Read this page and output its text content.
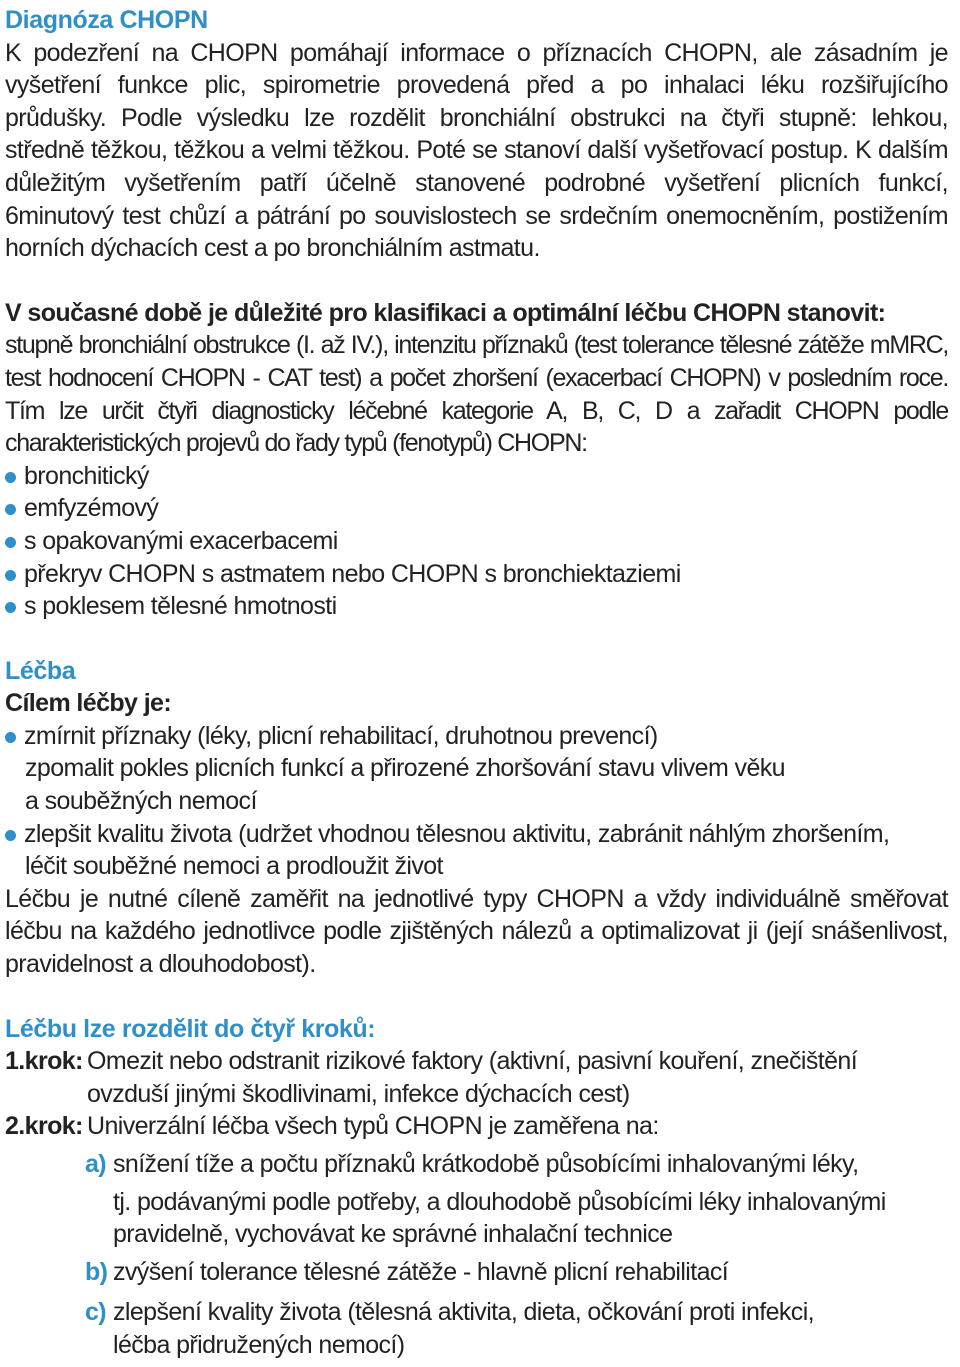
Diagnóza CHOPN
K podezření na CHOPN pomáhají informace o příznacích CHOPN, ale zásadním je vyšetření funkce plic, spirometrie provedená před a po inhalaci léku rozšiřujícího průdušky. Podle výsledku lze rozdělit bronchiální obstrukci na čtyři stupně: lehkou, středně těžkou, těžkou a velmi těžkou. Poté se stanoví další vyšetřovací postup. K dalším důležitým vyšetřením patří účelně stanovené podrobné vyšetření plicních funkcí, 6minutový test chůzí a pátrání po souvislostech se srdečním onemocněním, postižením horních dýchacích cest a po bronchiálním astmatu.
V současné době je důležité pro klasifikaci a optimální léčbu CHOPN stanovit:
stupně bronchiální obstrukce (I. až IV.), intenzitu příznaků (test tolerance tělesné zátěže mMRC, test hodnocení CHOPN - CAT test) a počet zhoršení (exacerbací CHOPN) v posledním roce. Tím lze určit čtyři diagnosticky léčebné kategorie A, B, C, D a zařadit CHOPN podle charakteristických projevů do řady typů (fenotypů) CHOPN:
bronchitický
emfyzémový
s opakovanými exacerbacemi
překryv CHOPN s astmatem nebo CHOPN s bronchiektaziemi
s poklesem tělesné hmotnosti
Léčba
Cílem léčby je:
zmírnit příznaky (léky, plicní rehabilitací, druhotnou prevencí)
zpomalit pokles plicních funkcí a přirozené zhoršování stavu vlivem věku
a souběžných nemocí
zlepšit kvalitu života (udržet vhodnou tělesnou aktivitu, zabránit náhlým zhoršením,
léčit souběžné nemoci a prodloužit život
Léčbu je nutné cíleně zaměřit na jednotlivé typy CHOPN a vždy individuálně směřovat léčbu na každého jednotlivce podle zjištěných nálezů a optimalizovat ji (její snášenlivost, pravidelnost a dlouhodobost).
Léčbu lze rozdělit do čtyř kroků:
1.krok: Omezit nebo odstranit rizikové faktory (aktivní, pasivní kouření, znečištění
ovzduší jinými škodlivinami, infekce dýchacích cest)
2.krok: Univerzální léčba všech typů CHOPN je zaměřena na:
a) snížení tíže a počtu příznaků krátkodobě působícími inhalovanými léky,
tj. podávanými podle potřeby, a dlouhodobě působícími léky inhalovanými
pravidelně, vychovávat ke správné inhalační technice
b) zvýšení tolerance tělesné zátěže - hlavně plicní rehabilitací
c) zlepšení kvality života (tělesná aktivita, dieta, očkování proti infekci,
léčba přidružených nemocí)
